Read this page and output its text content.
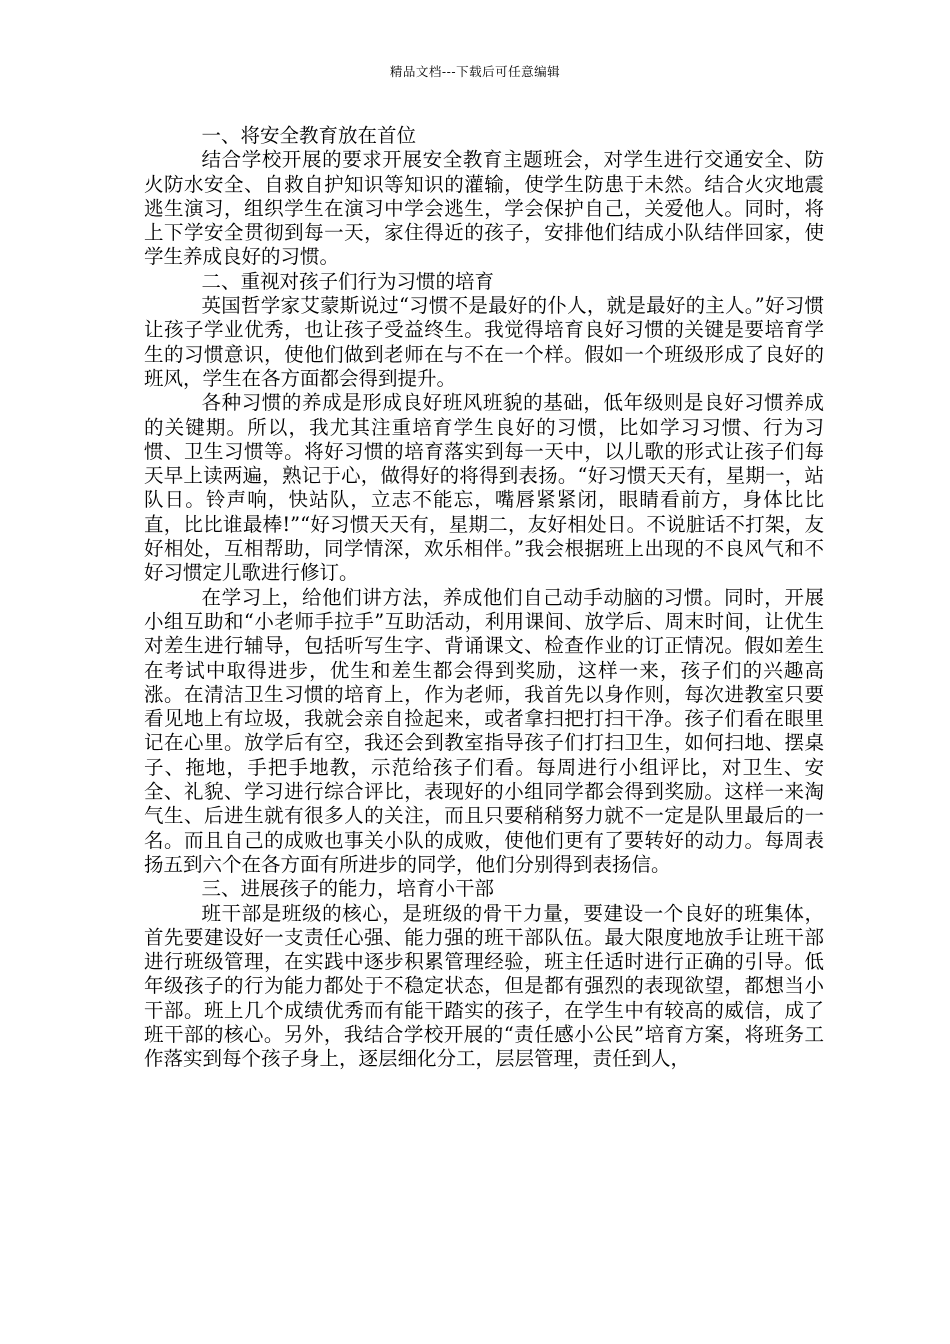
精品文档---下载后可任意编辑

一、将安全教育放在首位

结合学校开展的要求开展安全教育主题班会，对学生进行交通安全、防火防水安全、自救自护知识等知识的灌输，使学生防患于未然。结合火灾地震逃生演习，组织学生在演习中学会逃生，学会保护自己，关爱他人。同时，将上下学安全贯彻到每一天，家住得近的孩子，安排他们结成小队结伴回家，使学生养成良好的习惯。

二、重视对孩子们行为习惯的培育

英国哲学家艾蒙斯说过“习惯不是最好的仆人，就是最好的主人。”好习惯让孩子学业优秀，也让孩子受益终生。我觉得培育良好习惯的关键是要培育学生的习惯意识，使他们做到老师在与不在一个样。假如一个班级形成了良好的班风，学生在各方面都会得到提升。

各种习惯的养成是形成良好班风班貌的基础，低年级则是良好习惯养成的关键期。所以，我尤其注重培育学生良好的习惯，比如学习习惯、行为习惯、卫生习惯等。将好习惯的培育落实到每一天中，以儿歌的形式让孩子们每天早上读两遍，熟记于心，做得好的将得到表扬。“好习惯天天有，星期一，站队日。铃声响，快站队，立志不能忘，嘴唇紧紧闭，眼睛看前方，身体比比直，比比谁最棒!”“好习惯天天有，星期二，友好相处日。不说脏话不打架，友好相处，互相帮助，同学情深，欢乐相伴。”我会根据班上出现的不良风气和不好习惯定儿歌进行修订。

在学习上，给他们讲方法，养成他们自己动手动脑的习惯。同时，开展小组互助和“小老师手拉手”互助活动，利用课间、放学后、周末时间，让优生对差生进行辅导，包括听写生字、背诵课文、检查作业的订正情况。假如差生在考试中取得进步，优生和差生都会得到奖励，这样一来，孩子们的兴趣高涨。在清洁卫生习惯的培育上，作为老师，我首先以身作则，每次进教室只要看见地上有垃圾，我就会亲自捡起来，或者拿扫把打扫干净。孩子们看在眼里记在心里。放学后有空，我还会到教室指导孩子们打扫卫生，如何扫地、摆桌子、拖地，手把手地教，示范给孩子们看。每周进行小组评比，对卫生、安全、礼貌、学习进行综合评比，表现好的小组同学都会得到奖励。这样一来淘气生、后进生就有很多人的关注，而且只要稍稍努力就不一定是队里最后的一名。而且自己的成败也事关小队的成败，使他们更有了要转好的动力。每周表扬五到六个在各方面有所进步的同学，他们分别得到表扬信。

三、进展孩子的能力，培育小干部

班干部是班级的核心，是班级的骨干力量，要建设一个良好的班集体，首先要建设好一支责任心强、能力强的班干部队伍。最大限度地放手让班干部进行班级管理，在实践中逐步积累管理经验，班主任适时进行正确的引导。低年级孩子的行为能力都处于不稳定状态，但是都有强烈的表现欲望，都想当小干部。班上几个成绩优秀而有能干踏实的孩子，在学生中有较高的威信，成了班干部的核心。另外，我结合学校开展的“责任感小公民”培育方案，将班务工作落实到每个孩子身上，逐层细化分工，层层管理，责任到人，
